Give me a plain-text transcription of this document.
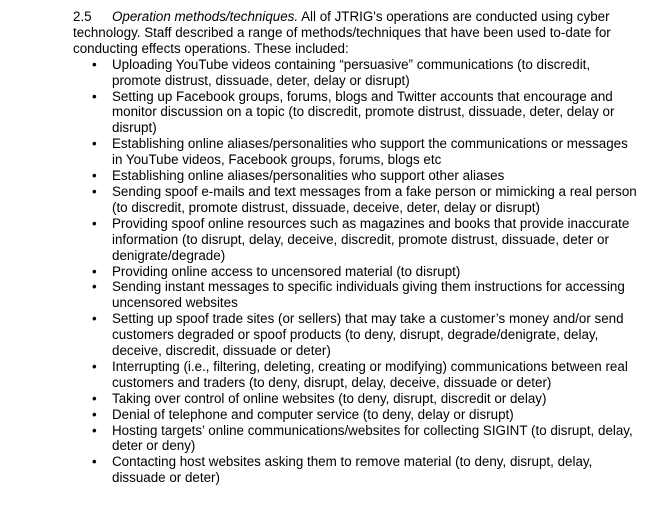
2.5 Operation methods/techniques. All of JTRIG's operations are conducted using cyber technology. Staff described a range of methods/techniques that have been used to-date for conducting effects operations. These included:

• Uploading YouTube videos containing “persuasive” communications (to discredit, promote distrust, dissuade, deter, delay or disrupt)
• Setting up Facebook groups, forums, blogs and Twitter accounts that encourage and monitor discussion on a topic (to discredit, promote distrust, dissuade, deter, delay or disrupt)
• Establishing online aliases/personalities who support the communications or messages in YouTube videos, Facebook groups, forums, blogs etc
• Establishing online aliases/personalities who support other aliases
• Sending spoof e-mails and text messages from a fake person or mimicking a real person (to discredit, promote distrust, dissuade, deceive, deter, delay or disrupt)
• Providing spoof online resources such as magazines and books that provide inaccurate information (to disrupt, delay, deceive, discredit, promote distrust, dissuade, deter or denigrate/degrade)
• Providing online access to uncensored material (to disrupt)
• Sending instant messages to specific individuals giving them instructions for accessing uncensored websites
• Setting up spoof trade sites (or sellers) that may take a customer’s money and/or send customers degraded or spoof products (to deny, disrupt, degrade/denigrate, delay, deceive, discredit, dissuade or deter)
• Interrupting (i.e., filtering, deleting, creating or modifying) communications between real customers and traders (to deny, disrupt, delay, deceive, dissuade or deter)
• Taking over control of online websites (to deny, disrupt, discredit or delay)
• Denial of telephone and computer service (to deny, delay or disrupt)
• Hosting targets’ online communications/websites for collecting SIGINT (to disrupt, delay, deter or deny)
• Contacting host websites asking them to remove material (to deny, disrupt, delay, dissuade or deter)
